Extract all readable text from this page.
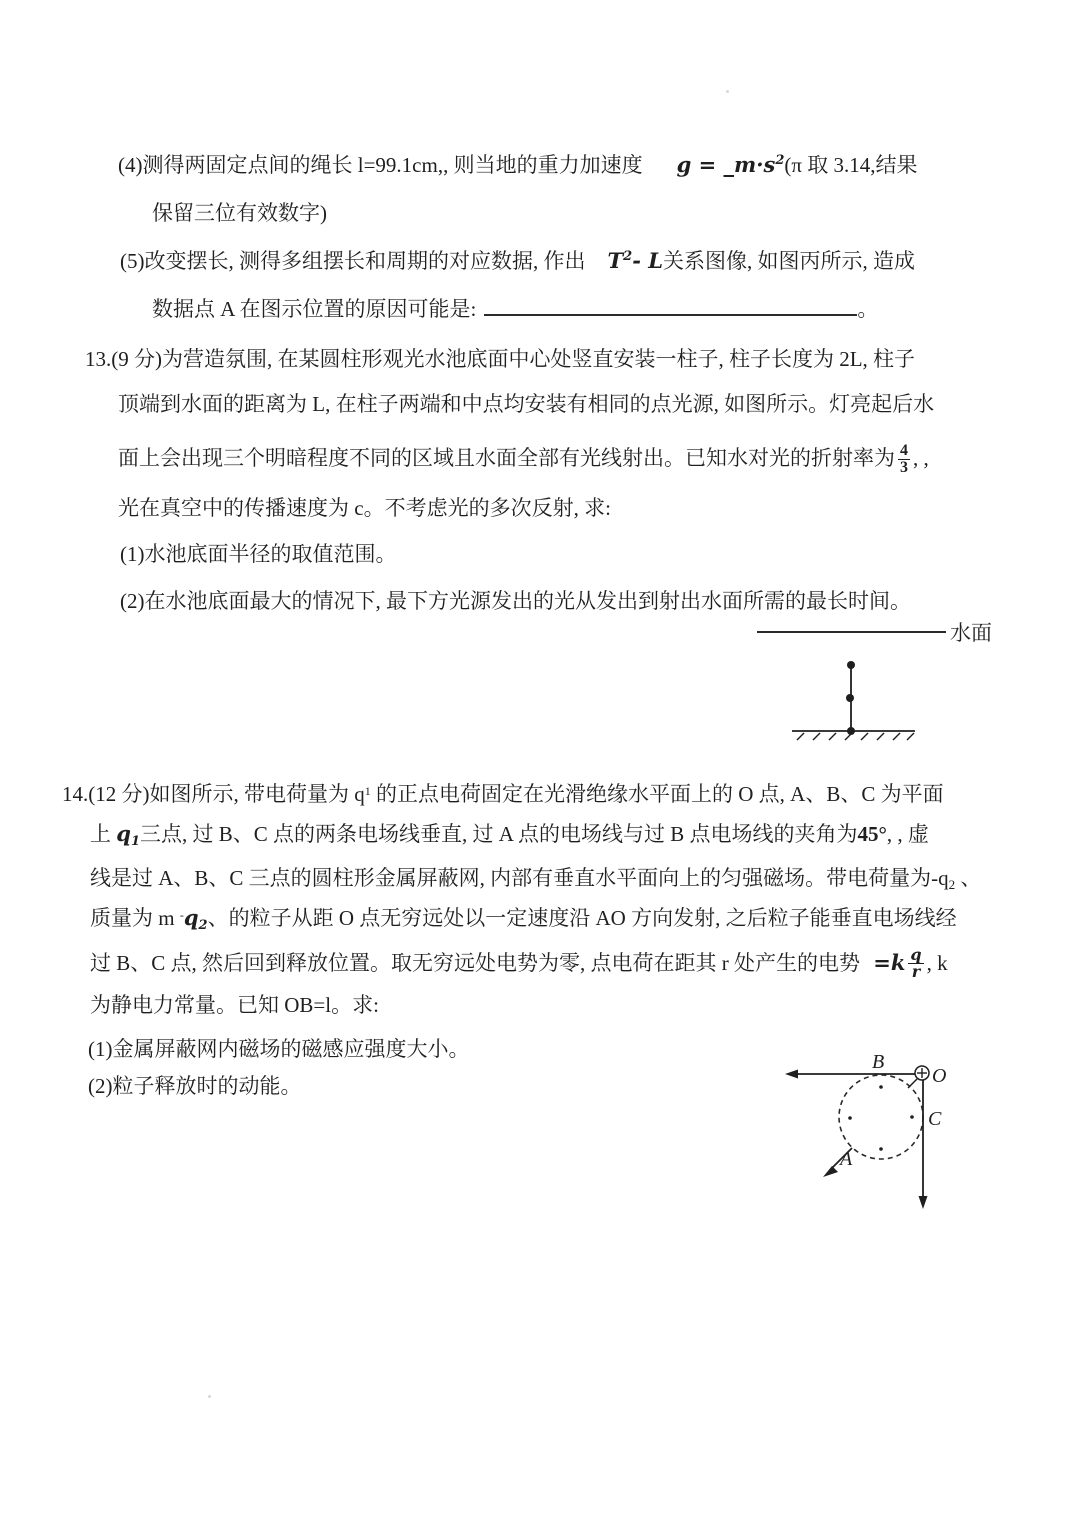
(4)测得两固定点间的绳长 l=99.1cm,, 则当地的重力加速度 $g = \_m\cdot s^2(\pi$ 取 3.14,结果
保留三位有效数字)
(5)改变摆长, 测得多组摆长和周期的对应数据, 作出 $T^2-$ L关系图像, 如图丙所示, 造成
数据点 A 在图示位置的原因可能是:	。
13.(9 分)为营造氛围, 在某圆柱形观光水池底面中心处竖直安装一柱子, 柱子长度为 2L, 柱子
顶端到水面的距离为 L, 在柱子两端和中点均安装有相同的点光源, 如图所示。灯亮起后水
面上会出现三个明暗程度不同的区域且水面全部有光线射出。已知水对光的折射率为 $\frac{4}{3}$ , ,
光在真空中的传播速度为 c。不考虑光的多次反射, 求:
(1)水池底面半径的取值范围。
(2)在水池底面最大的情况下, 最下方光源发出的光从发出到射出水面所需的最长时间。
水面
14.(12 分)如图所示, 带电荷量为 $q^1$ 的正点电荷固定在光滑绝缘水平面上的 O 点, A、B、C 为平面
上 q1三点, 过 B、C 点的两条电场线垂直, 过 A 点的电场线与过 B 点电场线的夹角为45°, , 虚
线是过 A、B、C 三点的圆柱形金属屏蔽网, 内部有垂直水平面向上的匀强磁场。带电荷量为-q2 、
质量为 m -q2、的粒子从距 O 点无穷远处以一定速度沿 AO 方向发射, 之后粒子能垂直电场线经
过 B、C 点, 然后回到释放位置。取无穷远处电势为零, 点电荷在距其 r 处产生的电势 $=k \frac{q}{r}$ , k
为静电力常量。已知 OB=l。求:
(1)金属屏蔽网内磁场的磁感应强度大小。
(2)粒子释放时的动能。	O
B
C
A
